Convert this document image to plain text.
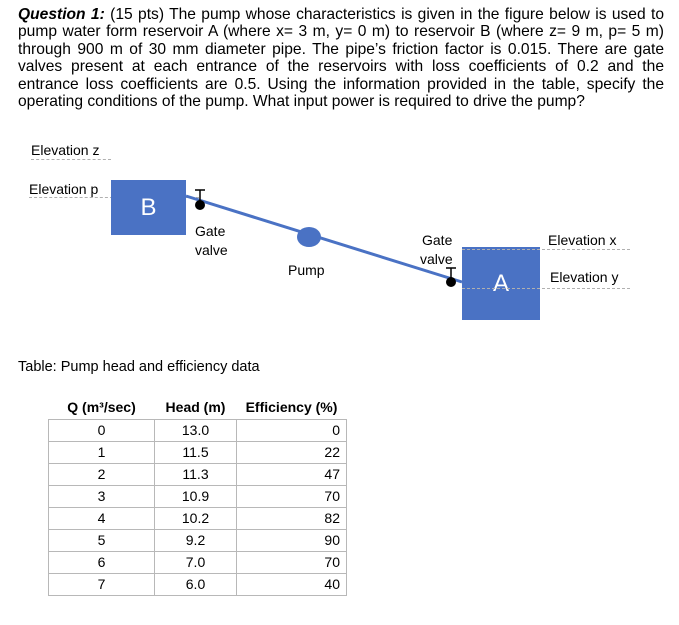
Question 1: (15 pts) The pump whose characteristics is given in the figure below is used to pump water form reservoir A (where x= 3 m, y= 0 m) to reservoir B (where z= 9 m, p= 5 m) through 900 m of 30 mm diameter pipe. The pipe’s friction factor is 0.015. There are gate valves present at each entrance of the reservoirs with loss coefficients of 0.2 and the entrance loss coefficients are 0.5. Using the information provided in the table, specify the operating conditions of the pump. What input power is required to drive the pump?
Elevation z
Elevation p
B
Gate
valve
Pump
Gate
valve
A
Elevation x
Elevation y
Table: Pump head and efficiency data
Q (m³/sec)	Head (m)	Efficiency (%)
0	13.0	0
1	11.5	22
2	11.3	47
3	10.9	70
4	10.2	82
5	9.2	90
6	7.0	70
7	6.0	40
